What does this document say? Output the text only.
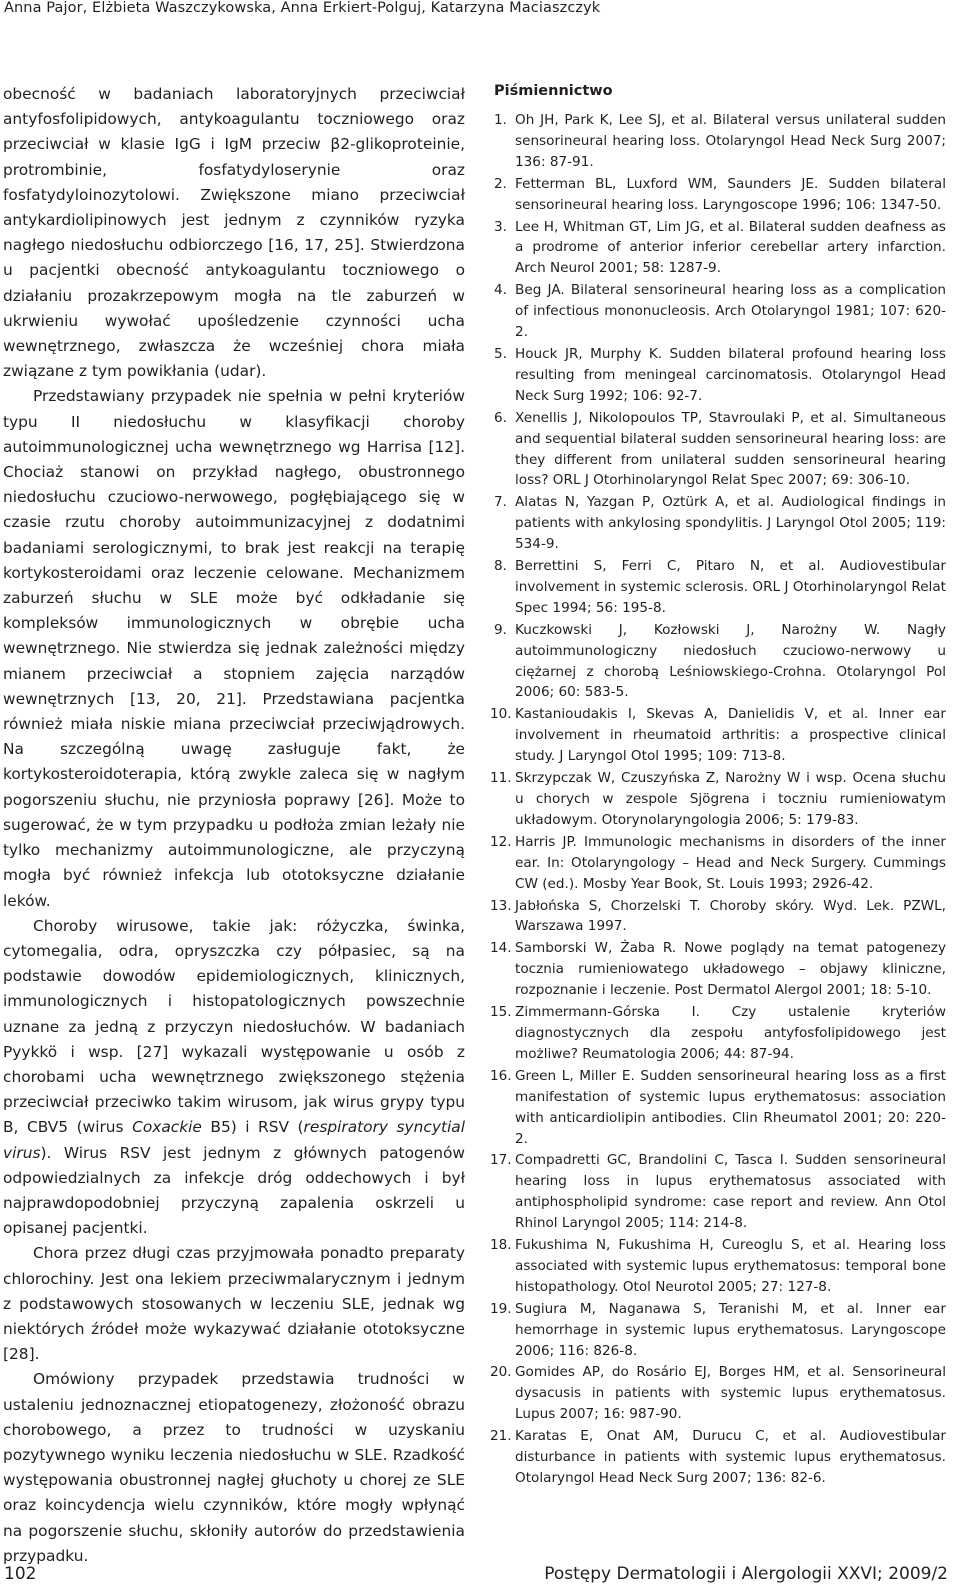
Anna Pajor, Elżbieta Waszczykowska, Anna Erkiert-Polguj, Katarzyna Maciaszczyk

obecność w badaniach laboratoryjnych przeciwciał antyfosfolipidowych, antykoagulantu toczniowego oraz przeciwciał w klasie IgG i IgM przeciw β2-glikoproteinie, protrombinie, fosfatydyloserynie oraz fosfatydyloinozytolowi. Zwiększone miano przeciwciał antykardiolipinowych jest jednym z czynników ryzyka nagłego niedosłuchu odbiorczego [16, 17, 25]. Stwierdzona u pacjentki obecność antykoagulantu toczniowego o działaniu prozakrzepowym mogła na tle zaburzeń w ukrwieniu wywołać upośledzenie czynności ucha wewnętrznego, zwłaszcza że wcześniej chora miała związane z tym powikłania (udar).

Przedstawiany przypadek nie spełnia w pełni kryteriów typu II niedosłuchu w klasyfikacji choroby autoimmunologicznej ucha wewnętrznego wg Harrisa [12]. Chociaż stanowi on przykład nagłego, obustronnego niedosłuchu czuciowo-nerwowego, pogłębiającego się w czasie rzutu choroby autoimmunizacyjnej z dodatnimi badaniami serologicznymi, to brak jest reakcji na terapię kortykosteroidami oraz leczenie celowane. Mechanizmem zaburzeń słuchu w SLE może być odkładanie się kompleksów immunologicznych w obrębie ucha wewnętrznego. Nie stwierdza się jednak zależności między mianem przeciwciał a stopniem zajęcia narządów wewnętrznych [13, 20, 21]. Przedstawiana pacjentka również miała niskie miana przeciwciał przeciwjądrowych. Na szczególną uwagę zasługuje fakt, że kortykosteroidoterapia, którą zwykle zaleca się w nagłym pogorszeniu słuchu, nie przyniosła poprawy [26]. Może to sugerować, że w tym przypadku u podłoża zmian leżały nie tylko mechanizmy autoimmunologiczne, ale przyczyną mogła być również infekcja lub ototoksyczne działanie leków.

Choroby wirusowe, takie jak: różyczka, świnka, cytomegalia, odra, opryszczka czy półpasiec, są na podstawie dowodów epidemiologicznych, klinicznych, immunologicznych i histopatologicznych powszechnie uznane za jedną z przyczyn niedosłuchów. W badaniach Pyykkö i wsp. [27] wykazali występowanie u osób z chorobami ucha wewnętrznego zwiększonego stężenia przeciwciał przeciwko takim wirusom, jak wirus grypy typu B, CBV5 (wirus Coxackie B5) i RSV (respiratory syncytial virus). Wirus RSV jest jednym z głównych patogenów odpowiedzialnych za infekcje dróg oddechowych i był najprawdopodobniej przyczyną zapalenia oskrzeli u opisanej pacjentki.

Chora przez długi czas przyjmowała ponadto preparaty chlorochiny. Jest ona lekiem przeciwmalarycznym i jednym z podstawowych stosowanych w leczeniu SLE, jednak wg niektórych źródeł może wykazywać działanie ototoksyczne [28].

Omówiony przypadek przedstawia trudności w ustaleniu jednoznacznej etiopatogenezy, złożoność obrazu chorobowego, a przez to trudności w uzyskaniu pozytywnego wyniku leczenia niedosłuchu w SLE. Rzadkość występowania obustronnej nagłej głuchoty u chorej ze SLE oraz koincydencja wielu czynników, które mogły wpłynąć na pogorszenie słuchu, skłoniły autorów do przedstawienia przypadku.

Piśmiennictwo
1. Oh JH, Park K, Lee SJ, et al. Bilateral versus unilateral sudden sensorineural hearing loss. Otolaryngol Head Neck Surg 2007; 136: 87-91.
2. Fetterman BL, Luxford WM, Saunders JE. Sudden bilateral sensorineural hearing loss. Laryngoscope 1996; 106: 1347-50.
3. Lee H, Whitman GT, Lim JG, et al. Bilateral sudden deafness as a prodrome of anterior inferior cerebellar artery infarction. Arch Neurol 2001; 58: 1287-9.
4. Beg JA. Bilateral sensorineural hearing loss as a complication of infectious mononucleosis. Arch Otolaryngol 1981; 107: 620-2.
5. Houck JR, Murphy K. Sudden bilateral profound hearing loss resulting from meningeal carcinomatosis. Otolaryngol Head Neck Surg 1992; 106: 92-7.
6. Xenellis J, Nikolopoulos TP, Stavroulaki P, et al. Simultaneous and sequential bilateral sudden sensorineural hearing loss: are they different from unilateral sudden sensorineural hearing loss? ORL J Otorhinolaryngol Relat Spec 2007; 69: 306-10.
7. Alatas N, Yazgan P, Oztürk A, et al. Audiological findings in patients with ankylosing spondylitis. J Laryngol Otol 2005; 119: 534-9.
8. Berrettini S, Ferri C, Pitaro N, et al. Audiovestibular involvement in systemic sclerosis. ORL J Otorhinolaryngol Relat Spec 1994; 56: 195-8.
9. Kuczkowski J, Kozłowski J, Narożny W. Nagły autoimmunologiczny niedosłuch czuciowo-nerwowy u ciężarnej z chorobą Leśniowskiego-Crohna. Otolaryngol Pol 2006; 60: 583-5.
10. Kastanioudakis I, Skevas A, Danielidis V, et al. Inner ear involvement in rheumatoid arthritis: a prospective clinical study. J Laryngol Otol 1995; 109: 713-8.
11. Skrzypczak W, Czuszyńska Z, Narożny W i wsp. Ocena słuchu u chorych w zespole Sjögrena i toczniu rumieniowatym układowym. Otorynolaryngologia 2006; 5: 179-83.
12. Harris JP. Immunologic mechanisms in disorders of the inner ear. In: Otolaryngology – Head and Neck Surgery. Cummings CW (ed.). Mosby Year Book, St. Louis 1993; 2926-42.
13. Jabłońska S, Chorzelski T. Choroby skóry. Wyd. Lek. PZWL, Warszawa 1997.
14. Samborski W, Żaba R. Nowe poglądy na temat patogenezy tocznia rumieniowatego układowego – objawy kliniczne, rozpoznanie i leczenie. Post Dermatol Alergol 2001; 18: 5-10.
15. Zimmermann-Górska I. Czy ustalenie kryteriów diagnostycznych dla zespołu antyfosfolipidowego jest możliwe? Reumatologia 2006; 44: 87-94.
16. Green L, Miller E. Sudden sensorineural hearing loss as a first manifestation of systemic lupus erythematosus: association with anticardiolipin antibodies. Clin Rheumatol 2001; 20: 220-2.
17. Compadretti GC, Brandolini C, Tasca I. Sudden sensorineural hearing loss in lupus erythematosus associated with antiphospholipid syndrome: case report and review. Ann Otol Rhinol Laryngol 2005; 114: 214-8.
18. Fukushima N, Fukushima H, Cureoglu S, et al. Hearing loss associated with systemic lupus erythematosus: temporal bone histopathology. Otol Neurotol 2005; 27: 127-8.
19. Sugiura M, Naganawa S, Teranishi M, et al. Inner ear hemorrhage in systemic lupus erythematosus. Laryngoscope 2006; 116: 826-8.
20. Gomides AP, do Rosário EJ, Borges HM, et al. Sensorineural dysacusis in patients with systemic lupus erythematosus. Lupus 2007; 16: 987-90.
21. Karatas E, Onat AM, Durucu C, et al. Audiovestibular disturbance in patients with systemic lupus erythematosus. Otolaryngol Head Neck Surg 2007; 136: 82-6.
102	Postępy Dermatologii i Alergologii XXVI; 2009/2
